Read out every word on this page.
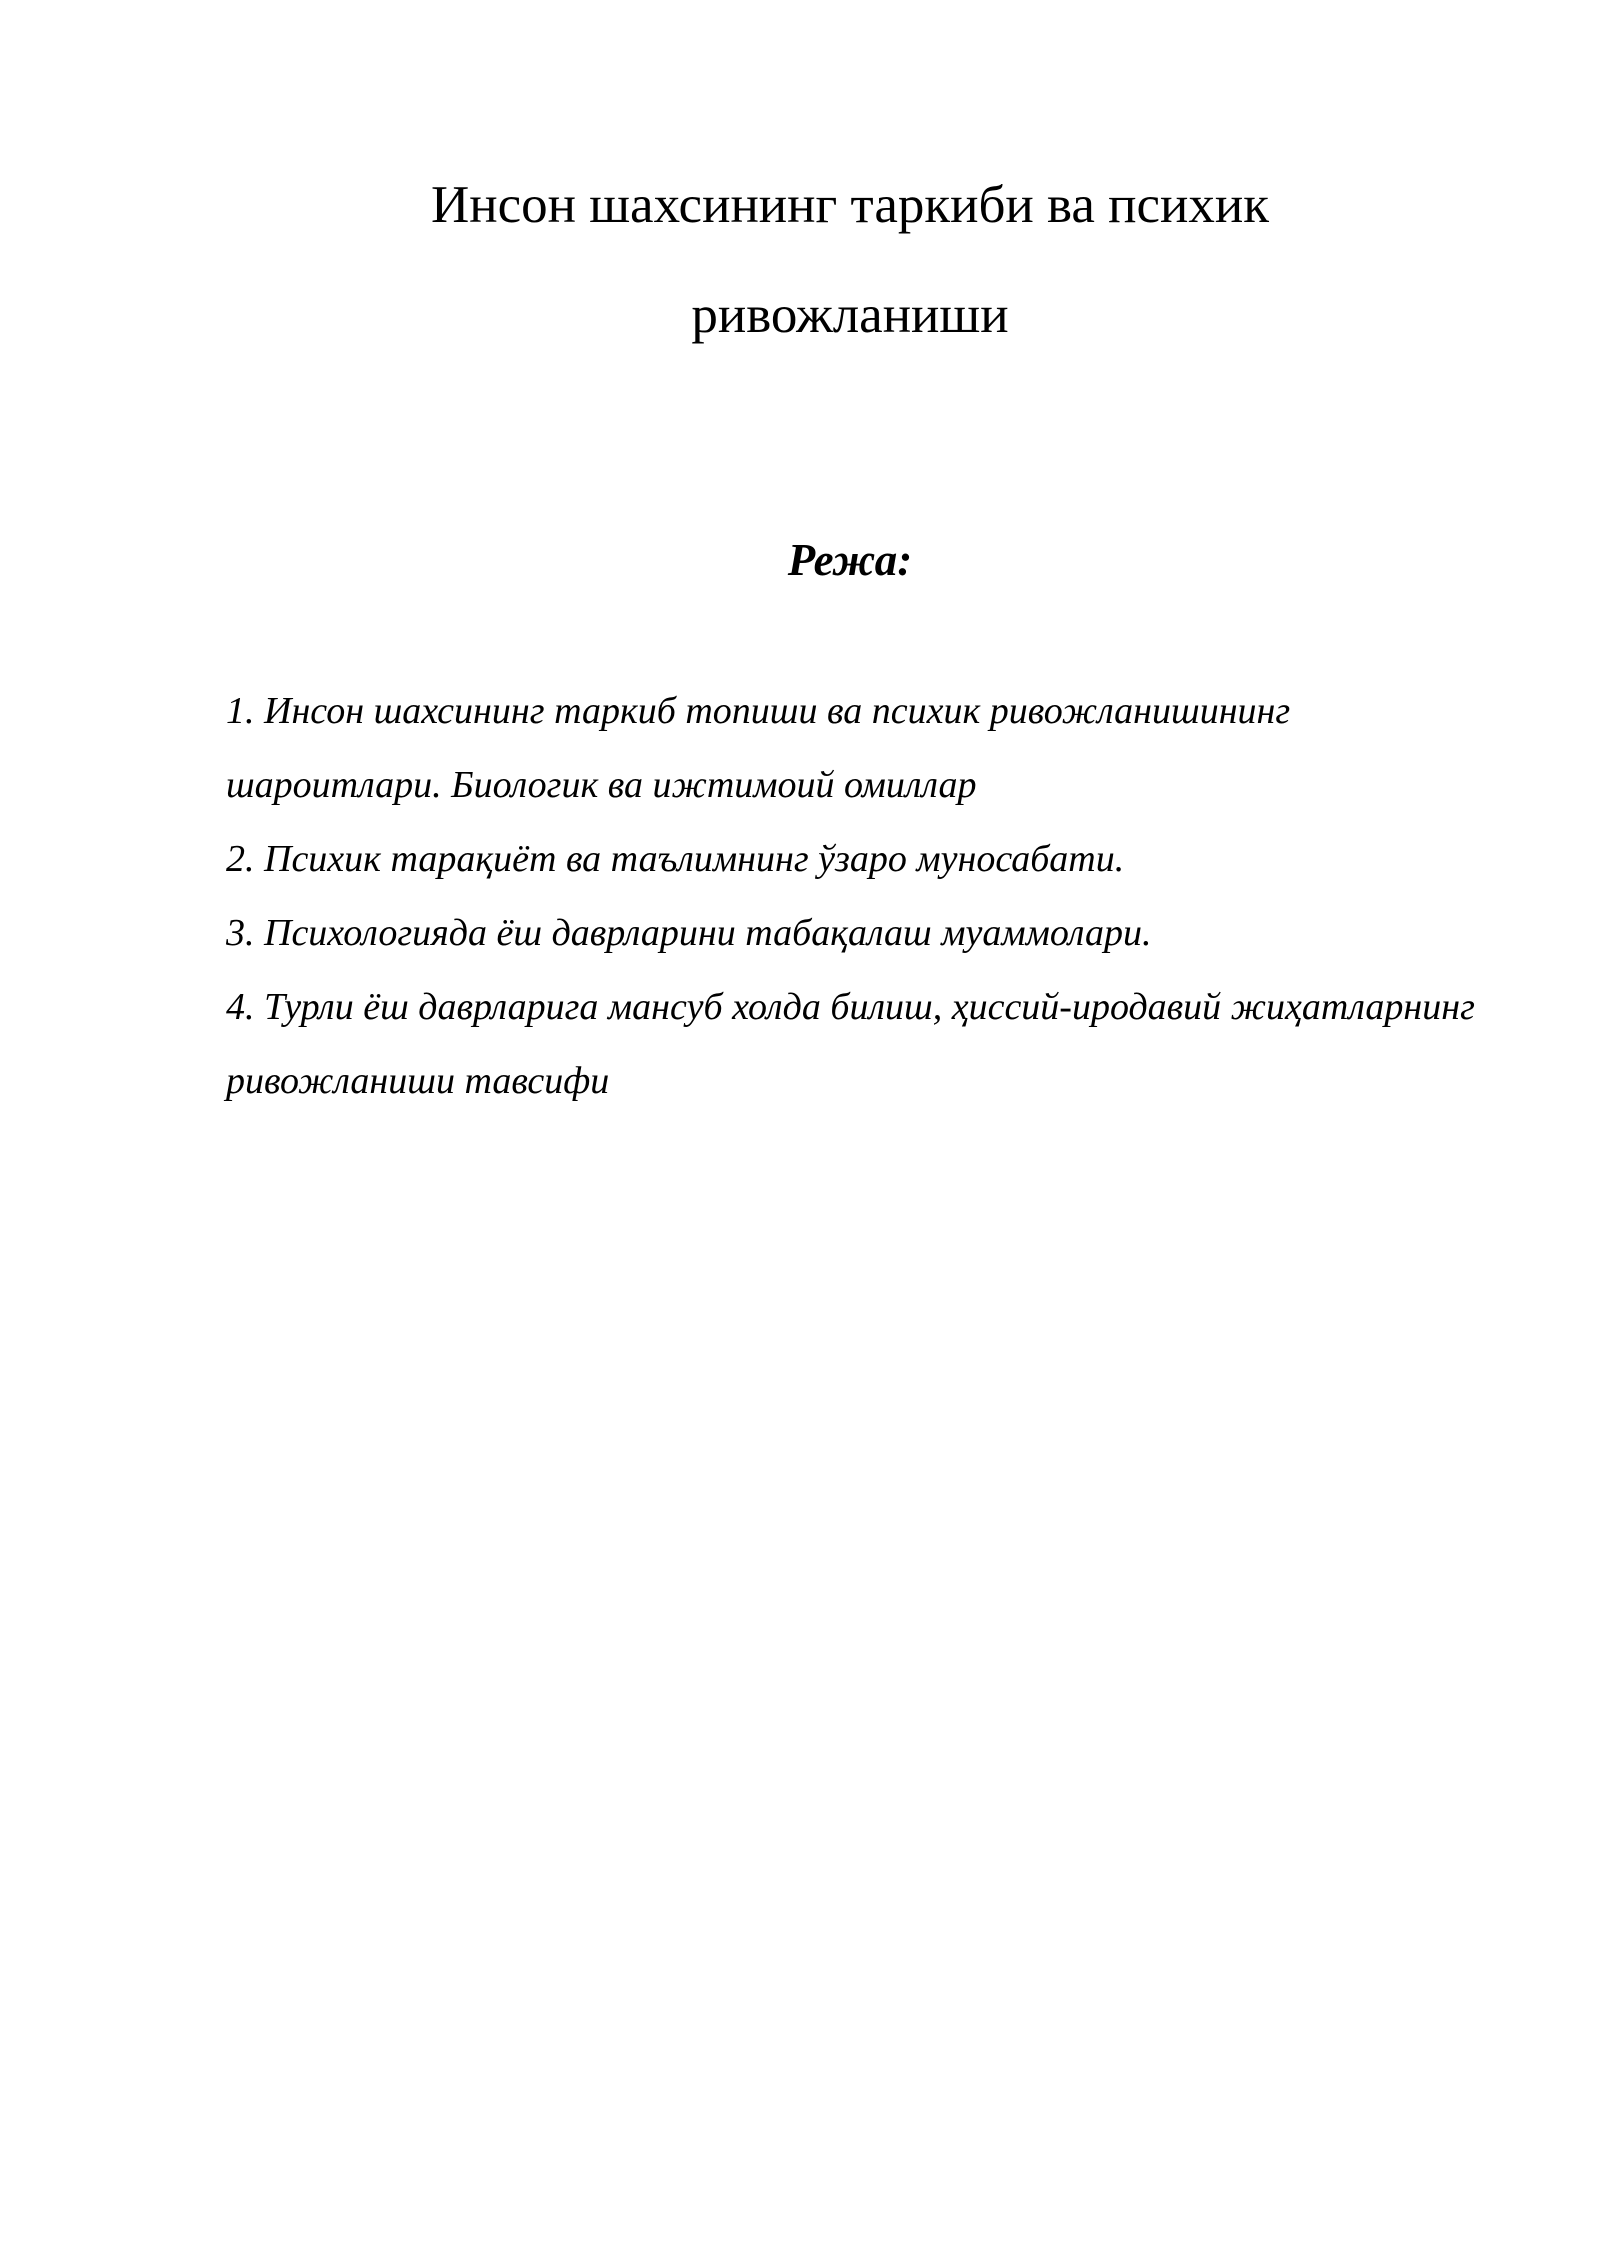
Инсон шахсининг таркиби ва психик ривожланиши
Режа:
1. Инсон шахсининг таркиб топиши ва психик ривожланишининг шароитлари. Биологик ва ижтимоий омиллар
2. Психик тарақиёт ва таълимнинг ўзаро муносабати.
3. Психологияда ёш даврларини табақалаш муаммолари.
4. Турли ёш даврларига мансуб холда билиш, ҳиссий-иродавий жиҳатларнинг ривожланиши тавсифи
